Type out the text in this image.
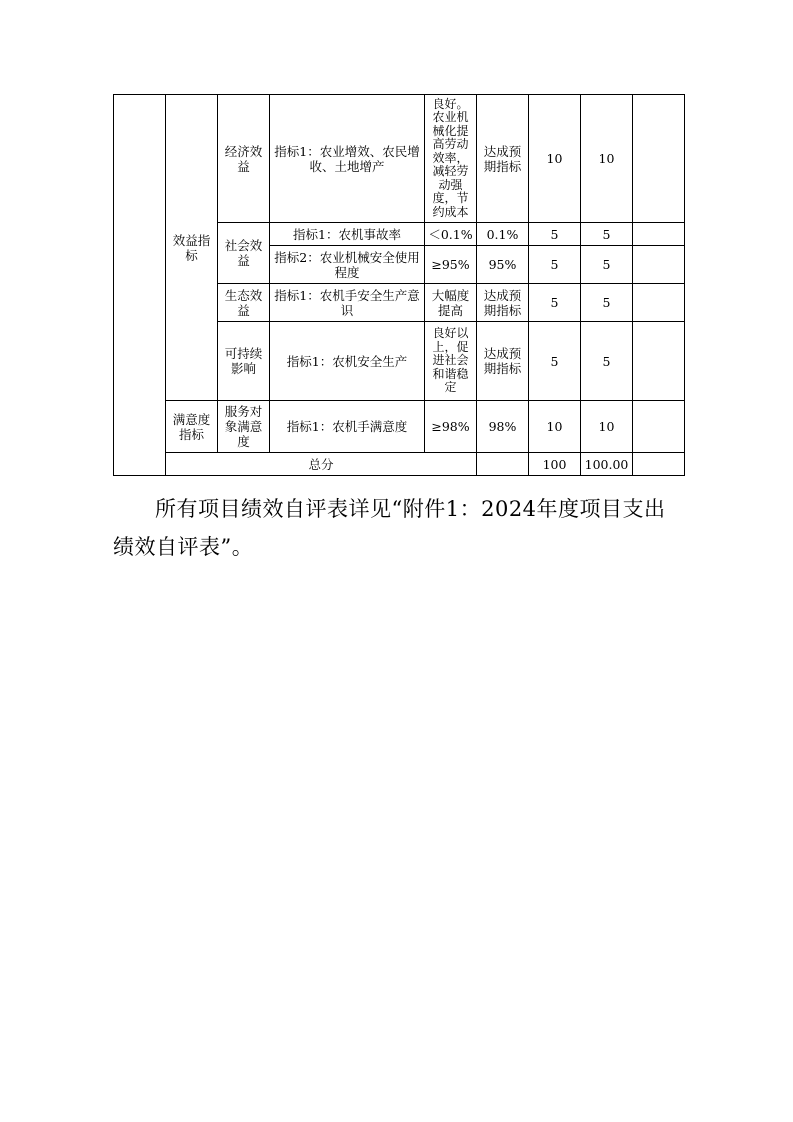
	效益指标	经济效益	指标1：农业增效、农民增收、土地增产	良好。农业机械化提高劳动效率，减轻劳动强度，节约成本	达成预期指标	10	10	
		社会效益	指标1：农机事故率	＜0.1%	0.1%	5	5	
			指标2：农业机械安全使用程度	≥95%	95%	5	5	
		生态效益	指标1：农机手安全生产意识	大幅度提高	达成预期指标	5	5	
		可持续影响	指标1：农机安全生产	良好以上，促进社会和谐稳定	达成预期指标	5	5	
	满意度指标	服务对象满意度	指标1：农机手满意度	≥98%	98%	10	10	
	总分					100	100.00	

所有项目绩效自评表详见“附件1：2024年度项目支出绩效自评表”。
